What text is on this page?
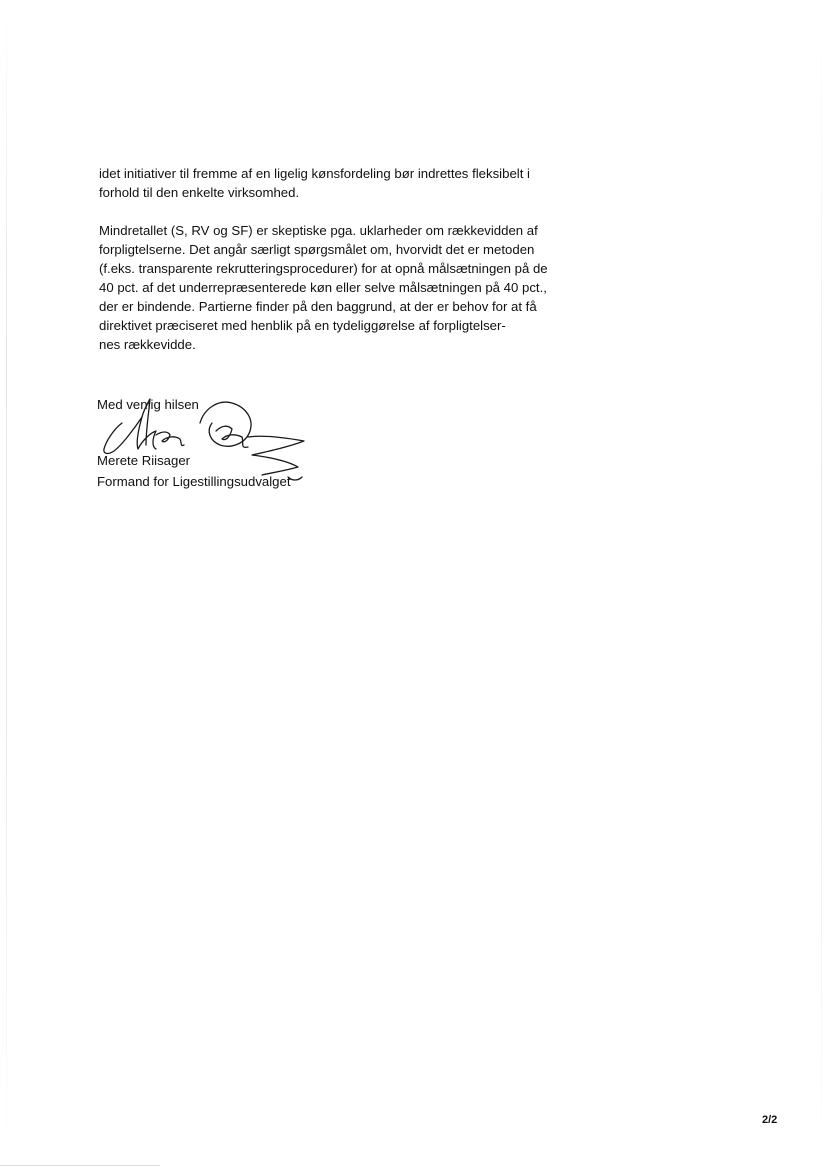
idet initiativer til fremme af en ligelig kønsfordeling bør indrettes fleksibelt i
forhold til den enkelte virksomhed.

Mindretallet (S, RV og SF) er skeptiske pga. uklarheder om rækkevidden af
forpligtelserne. Det angår særligt spørgsmålet om, hvorvidt det er metoden
(f.eks. transparente rekrutteringsprocedurer) for at opnå målsætningen på de
40 pct. af det underrepræsenterede køn eller selve målsætningen på 40 pct.,
der er bindende. Partierne finder på den baggrund, at der er behov for at få
direktivet præciseret med henblik på en tydeliggørelse af forpligtelser-
nes rækkevidde.

Med venlig hilsen
Merete Riisager
Formand for Ligestillingsudvalget
2/2
